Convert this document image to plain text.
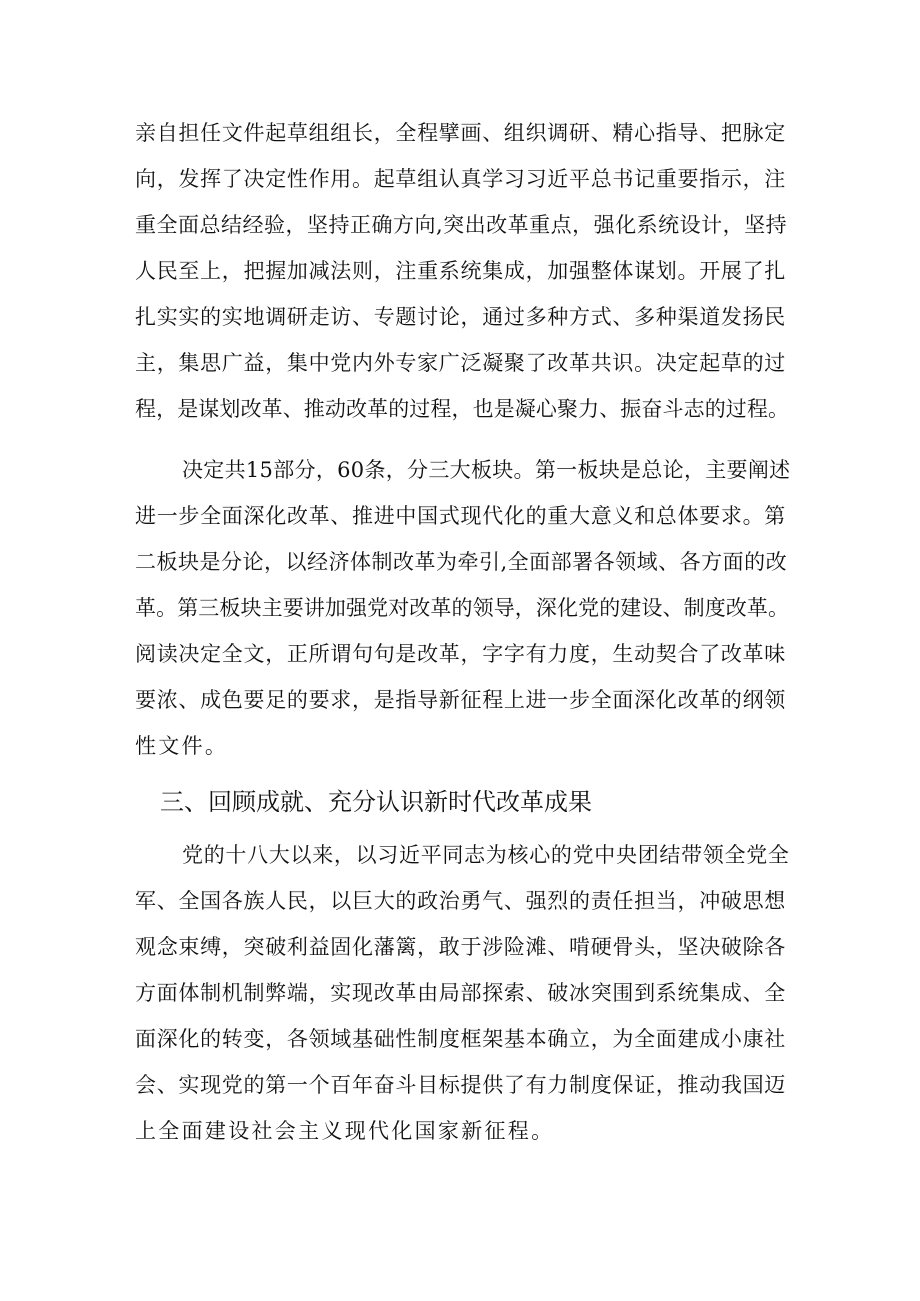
亲自担任文件起草组组长，全程擘画、组织调研、精心指导、把脉定
向，发挥了决定性作用。起草组认真学习习近平总书记重要指示，注
重全面总结经验，坚持正确方向,突出改革重点，强化系统设计，坚持
人民至上，把握加减法则，注重系统集成，加强整体谋划。开展了扎
扎实实的实地调研走访、专题讨论，通过多种方式、多种渠道发扬民
主，集思广益，集中党内外专家广泛凝聚了改革共识。决定起草的过
程，是谋划改革、推动改革的过程，也是凝心聚力、振奋斗志的过程。
决定共15部分，60条，分三大板块。第一板块是总论，主要阐述
进一步全面深化改革、推进中国式现代化的重大意义和总体要求。第
二板块是分论，以经济体制改革为牵引,全面部署各领域、各方面的改
革。第三板块主要讲加强党对改革的领导，深化党的建设、制度改革。
阅读决定全文，正所谓句句是改革，字字有力度，生动契合了改革味
要浓、成色要足的要求，是指导新征程上进一步全面深化改革的纲领
性文件。
三、回顾成就、充分认识新时代改革成果
党的十八大以来，以习近平同志为核心的党中央团结带领全党全
军、全国各族人民，以巨大的政治勇气、强烈的责任担当，冲破思想
观念束缚，突破利益固化藩篱，敢于涉险滩、啃硬骨头，坚决破除各
方面体制机制弊端，实现改革由局部探索、破冰突围到系统集成、全
面深化的转变，各领域基础性制度框架基本确立，为全面建成小康社
会、实现党的第一个百年奋斗目标提供了有力制度保证，推动我国迈
上全面建设社会主义现代化国家新征程。
